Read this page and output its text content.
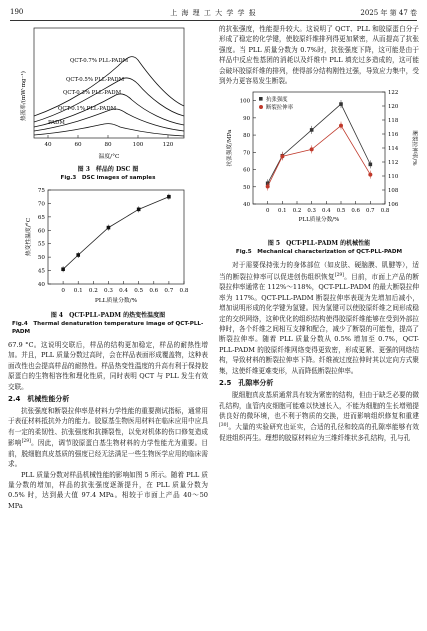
190	上 海 理 工 大 学 学 报	2025 年 第 47 卷
热流率/(mW·mg⁻¹)
QCT-0.7% PLL-PADM
QCT-0.5% PLL-PADM
QCT-0.3% PLL-PADM
QCT-0.1% PLL-PADM
PADM
40	60	80	100	120
温度/°C
图 3　样品的 DSC 图
Fig.3　DSC images of samples
40
45
50
55
60
65
70
75
0 0.1 0.2 0.3 0.4 0.5 0.6 0.7 0.8
PLL质量分数/%
热变性温度/°C
图 4　QCT-PLL-PADM 的热变性温度图
Fig.4　Thermal denaturation temperature image of QCT-PLL-PADM

67.9 °C。这说明交联后，样品的结构更加稳定，样品的耐热性增加。并且，PLL 质量分数过高时，会在样品表面形成覆盖物，这种表面改性也会提高样品的耐热性。样品热变性温度的升高有利于保持胶原蛋白的生物相容性和理化性质，同时表明 QCT 与 PLL 发生有效交联。

2.4　机械性能分析

抗张强度和断裂拉伸率是材料力学性能的重要测试指标，通常用于表征材料抵抗外力的能力。胶原基生物医用材料在临床应用中应具有一定的柔韧性、抗张强度和抗撕裂性，以免对机体的伤口修复造成影响[29]。因此，调节胶原蛋白基生物材料的力学性能尤为重要。目前，脱细胞真皮基质的强度已经无法满足一些生物医学应用的临床需求。

PLL 质量分数对样品机械性能的影响如图 5 所示。随着 PLL 质量分数的增加，样品的抗张强度逐渐提升，在 PLL 质量分数为 0.5% 时，达到最大值 97.4 MPa。相较于市面上产品 40～50 MPa

的抗张强度，性能提升较大。这说明了 QCT、PLL 和胶原蛋白分子形成了稳定的化学键，使胶原纤维排列得更加紧密，从而提高了抗张强度。当 PLL 质量分数为 0.7%时，抗张强度下降，这可能是由于样品中反应性基团的消耗以及纤维中 PLL 填充过多造成的，这可能会破坏胶原纤维的排列，使得部分结构刚性过强，导致应力集中，受到外力更容易发生断裂。

40
50
60
70
80
90
100
106
108
110
112
114
116
118
120
122
0 0.1 0.2 0.3 0.4 0.5 0.6 0.7 0.8
抗张强度
断裂拉伸率
PLL质量分数/%
抗张强度/MPa	断裂拉伸率/%
图 5　QCT-PLL-PADM 的机械性能
Fig.5　Mechanical characterization of QCT-PLL-PADM

对于需要保持张力的身体部位（如皮肤、硬脑膜、肌腱等），适当的断裂拉伸率可以促进创伤组织恢复[29]。目前，市面上产品的断裂拉伸率通常在 112%～118%，QCT-PLL-PADM 的最大断裂拉伸率为 117%。QCT-PLL-PADM 断裂拉伸率表现为先增加后减小，增加说明形成的化学键为氢键。因为氢键可以使胶原纤维之间形成稳定的交织网络，这种优化的组织结构使得胶原纤维能够在受到外部拉伸时，各个纤维之间相互支撑和配合，减少了断裂的可能性，提高了断裂拉伸率。随着 PLL 质量分数从 0.5% 增加至 0.7%，QCT-PLL-PADM 的胶原纤维网络变得更致密，形成更紧、更强的网络结构，导致材料的断裂拉伸率下降。纤维被过度拉伸时其以定向方式聚集，这使纤维更难变形，从而降低断裂拉伸率。

2.5　孔隙率分析

脱细胞真皮基质通常具有较为紧密的结构，但由于缺乏必要的微孔结构，血管内皮细胞可能难以快速长入，不能为细胞的生长增殖提供良好的微环境，也不利于物质的交换，进而影响组织修复和重建[30]。大量的实验研究也证实，合适的孔径和较高的孔隙率能够有效促进组织再生。理想的胶原材料应为三维纤维状多孔结构，孔与孔
